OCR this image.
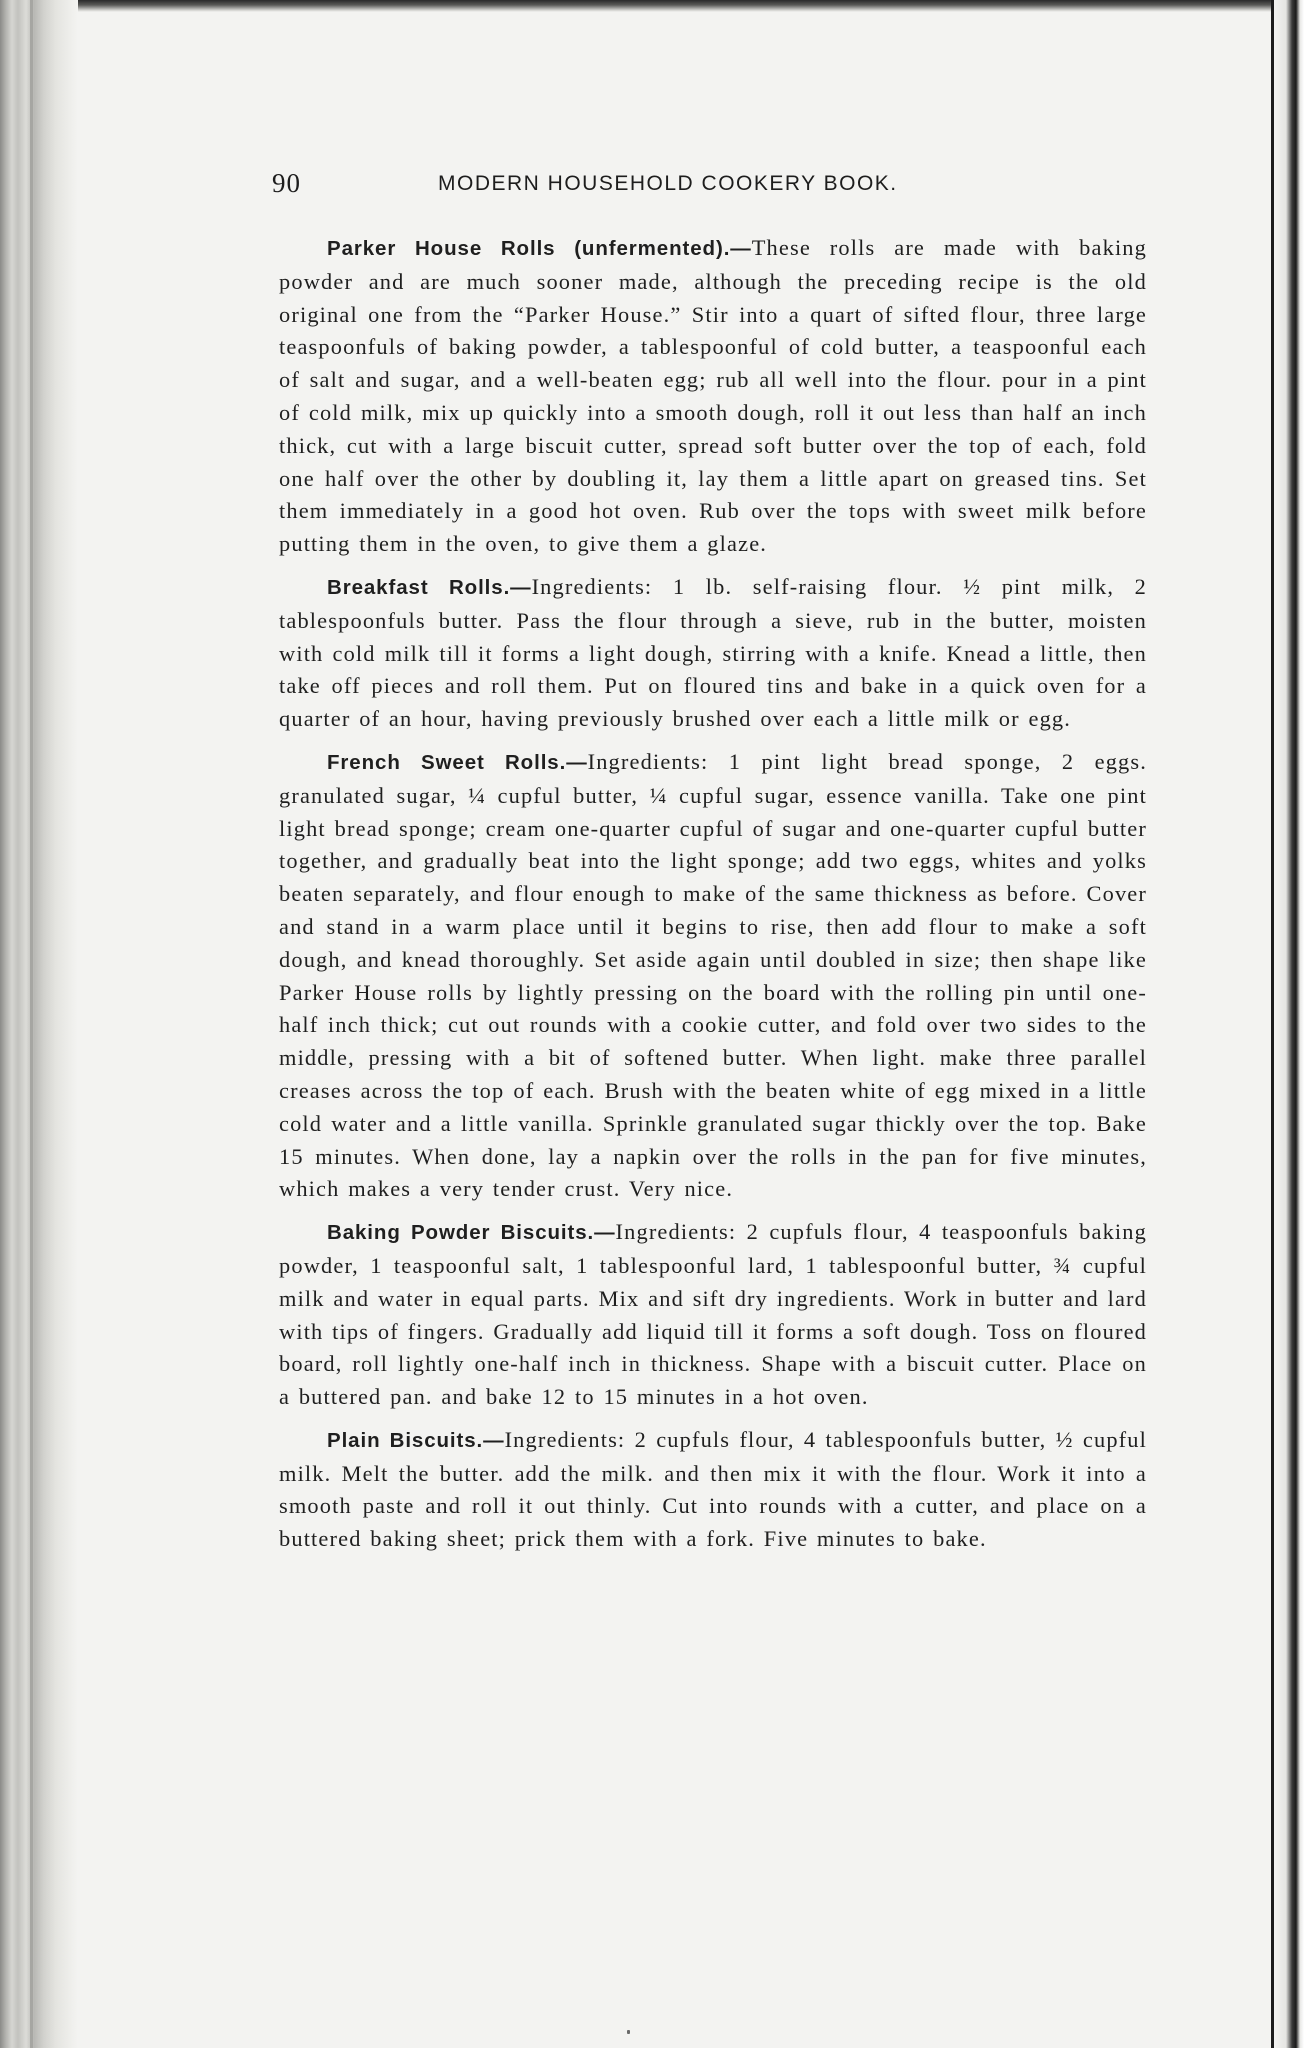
90	MODERN HOUSEHOLD COOKERY BOOK.

Parker House Rolls (unfermented).—These rolls are made with baking powder and are much sooner made, although the preceding recipe is the old original one from the “Parker House.” Stir into a quart of sifted flour, three large teaspoonfuls of baking powder, a tablespoonful of cold butter, a teaspoonful each of salt and sugar, and a well-beaten egg; rub all well into the flour. pour in a pint of cold milk, mix up quickly into a smooth dough, roll it out less than half an inch thick, cut with a large biscuit cutter, spread soft butter over the top of each, fold one half over the other by doubling it, lay them a little apart on greased tins. Set them immediately in a good hot oven. Rub over the tops with sweet milk before putting them in the oven, to give them a glaze.

Breakfast Rolls.—Ingredients: 1 lb. self-raising flour. ½ pint milk, 2 tablespoonfuls butter. Pass the flour through a sieve, rub in the butter, moisten with cold milk till it forms a light dough, stirring with a knife. Knead a little, then take off pieces and roll them. Put on floured tins and bake in a quick oven for a quarter of an hour, having previously brushed over each a little milk or egg.

French Sweet Rolls.—Ingredients: 1 pint light bread sponge, 2 eggs. granulated sugar, ¼ cupful butter, ¼ cupful sugar, essence vanilla. Take one pint light bread sponge; cream one-quarter cupful of sugar and one-quarter cupful butter together, and gradually beat into the light sponge; add two eggs, whites and yolks beaten separately, and flour enough to make of the same thickness as before. Cover and stand in a warm place until it begins to rise, then add flour to make a soft dough, and knead thoroughly. Set aside again until doubled in size; then shape like Parker House rolls by lightly pressing on the board with the rolling pin until one-half inch thick; cut out rounds with a cookie cutter, and fold over two sides to the middle, pressing with a bit of softened butter. When light. make three parallel creases across the top of each. Brush with the beaten white of egg mixed in a little cold water and a little vanilla. Sprinkle granulated sugar thickly over the top. Bake 15 minutes. When done, lay a napkin over the rolls in the pan for five minutes, which makes a very tender crust. Very nice.

Baking Powder Biscuits.—Ingredients: 2 cupfuls flour, 4 teaspoonfuls baking powder, 1 teaspoonful salt, 1 tablespoonful lard, 1 tablespoonful butter, ¾ cupful milk and water in equal parts. Mix and sift dry ingredients. Work in butter and lard with tips of fingers. Gradually add liquid till it forms a soft dough. Toss on floured board, roll lightly one-half inch in thickness. Shape with a biscuit cutter. Place on a buttered pan. and bake 12 to 15 minutes in a hot oven.

Plain Biscuits.—Ingredients: 2 cupfuls flour, 4 tablespoonfuls butter, ½ cupful milk. Melt the butter. add the milk. and then mix it with the flour. Work it into a smooth paste and roll it out thinly. Cut into rounds with a cutter, and place on a buttered baking sheet; prick them with a fork. Five minutes to bake.
